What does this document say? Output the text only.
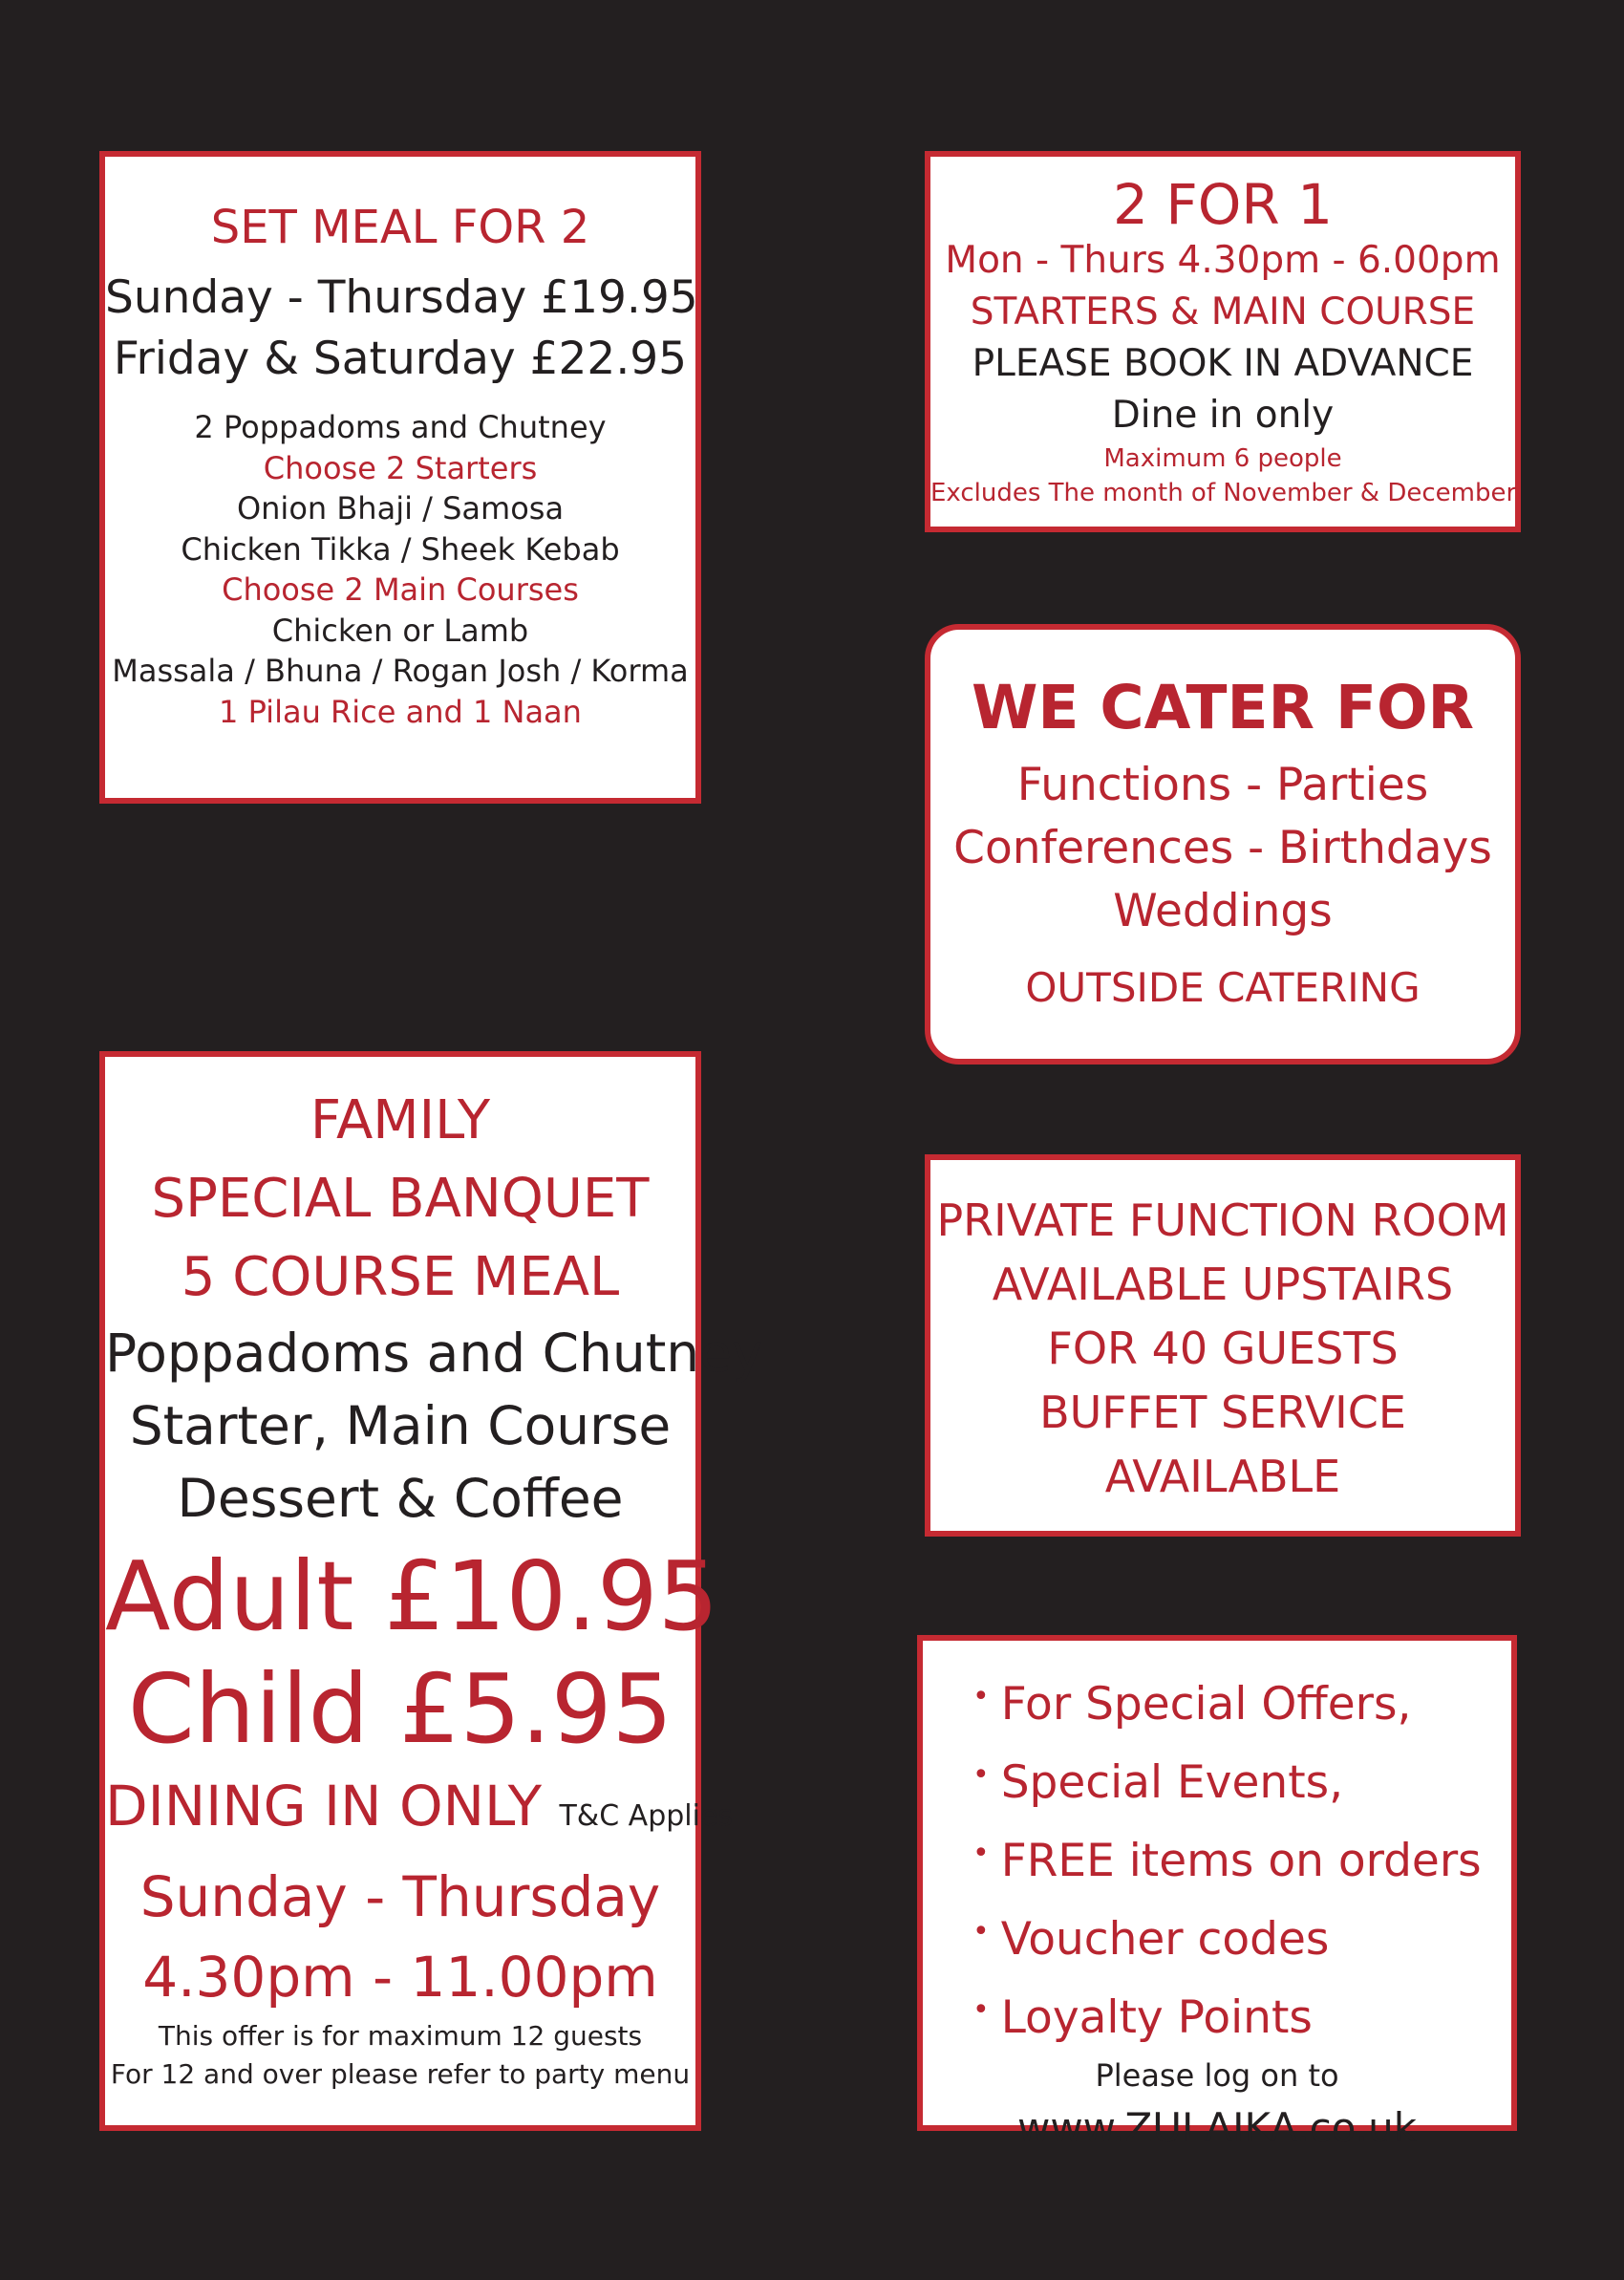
SET MEAL FOR 2
Sunday - Thursday £19.95
Friday & Saturday £22.95
2 Poppadoms and Chutney
Choose 2 Starters
Onion Bhaji / Samosa
Chicken Tikka / Sheek Kebab
Choose 2 Main Courses
Chicken or Lamb
Massala / Bhuna / Rogan Josh / Korma
1 Pilau Rice and 1 Naan
2 FOR 1
Mon - Thurs 4.30pm - 6.00pm
STARTERS & MAIN COURSE
PLEASE BOOK IN ADVANCE
Dine in only
Maximum 6 people
Excludes The month of November & December
WE CATER FOR
Functions - Parties
Conferences - Birthdays
Weddings
OUTSIDE CATERING
FAMILY
SPECIAL BANQUET
5 COURSE MEAL
Poppadoms and Chutney
Starter, Main Course
Dessert & Coffee
Adult £10.95
Child £5.95
DINING IN ONLY T&C Applies
Sunday - Thursday
4.30pm - 11.00pm
This offer is for maximum 12 guests
For 12 and over please refer to party menu
PRIVATE FUNCTION ROOM
AVAILABLE UPSTAIRS
FOR 40 GUESTS
BUFFET SERVICE
AVAILABLE
• For Special Offers,
• Special Events,
• FREE items on orders
• Voucher codes
• Loyalty Points
Please log on to
www.ZULAIKA.co.uk
